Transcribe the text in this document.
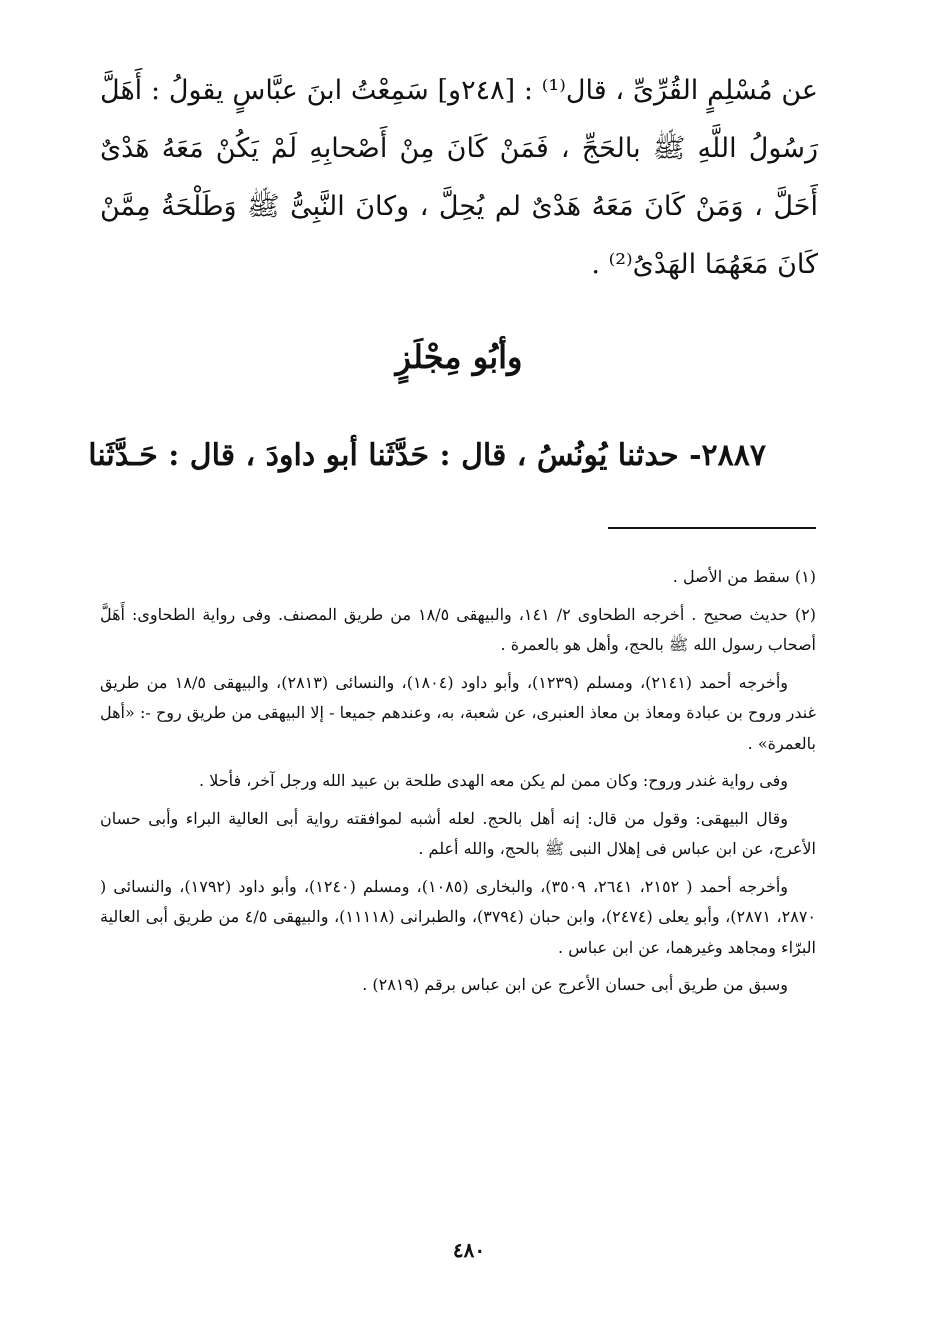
عن مُسْلِمٍ القُرِّىِّ ، قال⁽¹⁾ : [٢٤٨و] سَمِعْتُ ابنَ عبَّاسٍ يقولُ : أَهَلَّ رَسُولُ اللَّهِ ﷺ بالحَجِّ ، فَمَنْ كَانَ مِنْ أَصْحابِهِ لَمْ يَكُنْ مَعَهُ هَدْىٌ أَحَلَّ ، وَمَنْ كَانَ مَعَهُ هَدْىٌ لم يُحِلَّ ، وكانَ النَّبِىُّ ﷺ وَطَلْحَةُ مِمَّنْ كَانَ مَعَهُمَا الهَدْىُ⁽²⁾ .

وأبُو مِجْلَزٍ
٢٨٨٧- حدثنا يُونُسُ ، قال : حَدَّثَنا أبو داودَ ، قال : حَـدَّثَنا

(١) سقط من الأصل .

(٢) حديث صحيح . أخرجه الطحاوى ٢/ ١٤١، والبيهقى ١٨/٥ من طريق المصنف. وفى رواية الطحاوى: أَهَلَّ أصحاب رسول الله ﷺ بالحج، وأهل هو بالعمرة .

وأخرجه أحمد (٢١٤١)، ومسلم (١٢٣٩)، وأبو داود (١٨٠٤)، والنسائى (٢٨١٣)، والبيهقى ١٨/٥ من طريق غندر وروح بن عبادة ومعاذ بن معاذ العنبرى، عن شعبة، به، وعندهم جميعا - إلا البيهقى من طريق روح -: «أهل بالعمرة» .

وفى رواية غندر وروح: وكان ممن لم يكن معه الهدى طلحة بن عبيد الله ورجل آخر، فأحلا .

وقال البيهقى: وقول من قال: إنه أهل بالحج. لعله أشبه لموافقته رواية أبى العالية البراء وأبى حسان الأعرج، عن ابن عباس فى إهلال النبى ﷺ بالحج، والله أعلم .

وأخرجه أحمد ( ٢١٥٢، ٢٦٤١، ٣٥٠٩)، والبخارى (١٠٨٥)، ومسلم (١٢٤٠)، وأبو داود (١٧٩٢)، والنسائى ( ٢٨٧٠، ٢٨٧١)، وأبو يعلى (٢٤٧٤)، وابن حبان (٣٧٩٤)، والطبرانى (١١١١٨)، والبيهقى ٤/٥ من طريق أبى العالية البرّاء ومجاهد وغيرهما، عن ابن عباس .

وسبق من طريق أبى حسان الأعرج عن ابن عباس برقم (٢٨١٩) .

٤٨٠
